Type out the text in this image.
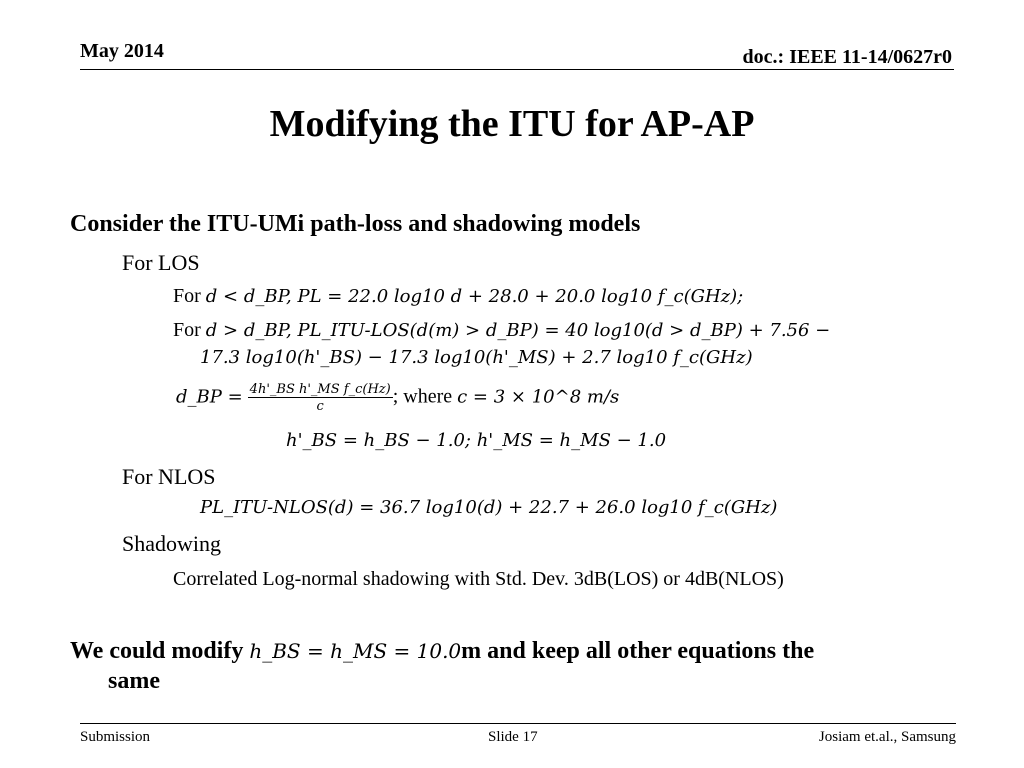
May 2014	doc.: IEEE 11-14/0627r0
Modifying the ITU for AP-AP
Consider the ITU-UMi path-loss and shadowing models
For LOS
For d < d_BP, PL = 22.0 log10 d + 28.0 + 20.0 log10 f_c(GHz);
For d > d_BP, PL_ITU-LOS(d(m) > d_BP) = 40 log10(d > d_BP) + 7.56 −
17.3 log10(h'_BS) − 17.3 log10(h'_MS) + 2.7 log10 f_c(GHz)
d_BP = $\frac{\text{4h'\_BS h'\_MS f\_c(Hz)}}{c}$ ; where c = 3 × 10^8 m/s
h'_BS = h_BS − 1.0; h'_MS = h_MS − 1.0
For NLOS
PL_ITU-NLOS(d) = 36.7 log10(d) + 22.7 + 26.0 log10 f_c(GHz)
Shadowing
Correlated Log-normal shadowing with Std. Dev. 3dB(LOS) or 4dB(NLOS)
We could modify h_BS = h_MS = 10.0m and keep all other equations the
same
Submission	Slide 17	Josiam et.al., Samsung
